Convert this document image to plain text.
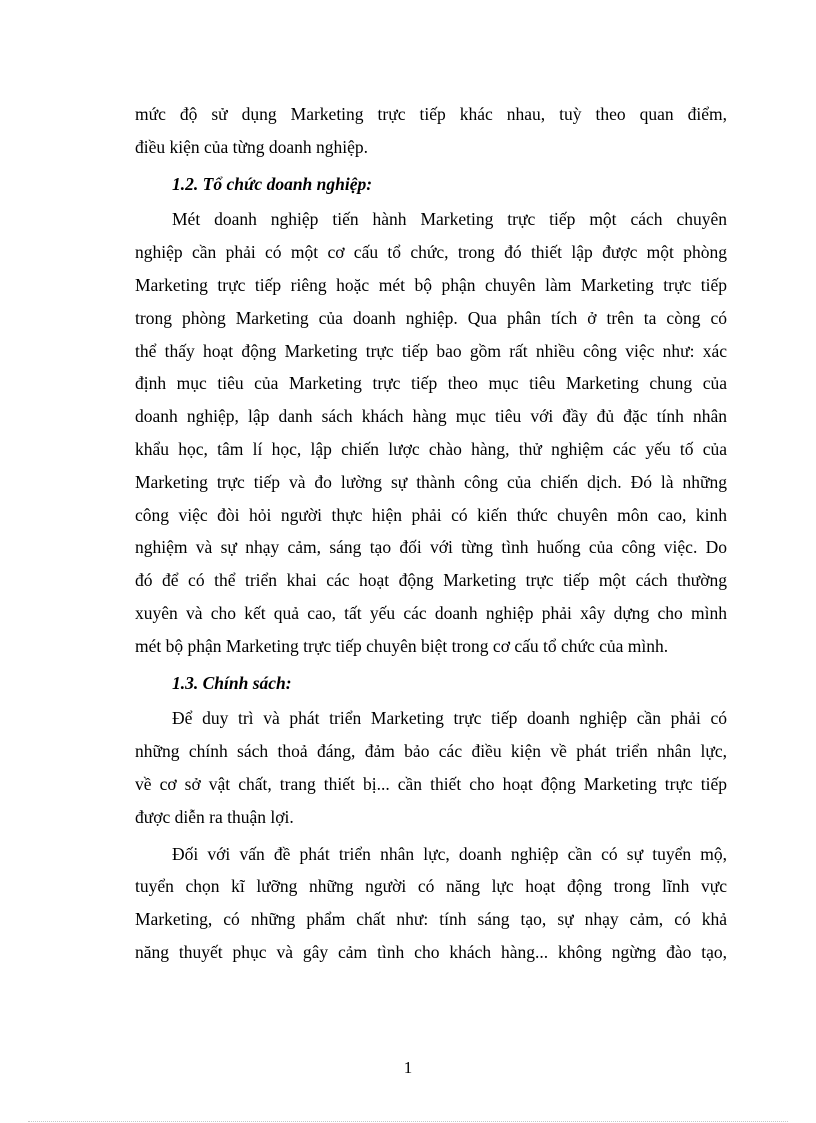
mức độ sử dụng Marketing trực tiếp khác nhau, tuỳ theo quan điểm,
điều kiện của từng doanh nghiệp.
1.2. Tổ chức doanh nghiệp:
Mét doanh nghiệp tiến hành Marketing trực tiếp một cách chuyên
nghiệp cần phải có một cơ cấu tổ chức, trong đó thiết lập được một phòng
Marketing trực tiếp riêng hoặc mét bộ phận chuyên làm Marketing trực tiếp
trong phòng Marketing của doanh nghiệp. Qua phân tích ở trên ta còng có
thể thấy hoạt động Marketing trực tiếp bao gồm rất nhiều công việc như: xác
định mục tiêu của Marketing trực tiếp theo mục tiêu Marketing chung của
doanh nghiệp, lập danh sách khách hàng mục tiêu với đầy đủ đặc tính nhân
khẩu học, tâm lí học, lập chiến lược chào hàng, thử nghiệm các yếu tố của
Marketing trực tiếp và đo lường sự thành công của chiến dịch. Đó là những
công việc đòi hỏi người thực hiện phải có kiến thức chuyên môn cao, kinh
nghiệm và sự nhạy cảm, sáng tạo đối với từng tình huống của công việc. Do
đó để có thể triển khai các hoạt động Marketing trực tiếp một cách thường
xuyên và cho kết quả cao, tất yếu các doanh nghiệp phải xây dựng cho mình
mét bộ phận Marketing trực tiếp chuyên biệt trong cơ cấu tổ chức của mình.
1.3. Chính sách:
Để duy trì và phát triển Marketing trực tiếp doanh nghiệp cần phải có
những chính sách thoả đáng, đảm bảo các điều kiện về phát triển nhân lực,
về cơ sở vật chất, trang thiết bị... cần thiết cho hoạt động Marketing trực tiếp
được diễn ra thuận lợi.
Đối với vấn đề phát triển nhân lực, doanh nghiệp cần có sự tuyển mộ,
tuyển chọn kĩ lưỡng những người có năng lực hoạt động trong lĩnh vực
Marketing, có những phẩm chất như: tính sáng tạo, sự nhạy cảm, có khả
năng thuyết phục và gây cảm tình cho khách hàng... không ngừng đào tạo,
1
